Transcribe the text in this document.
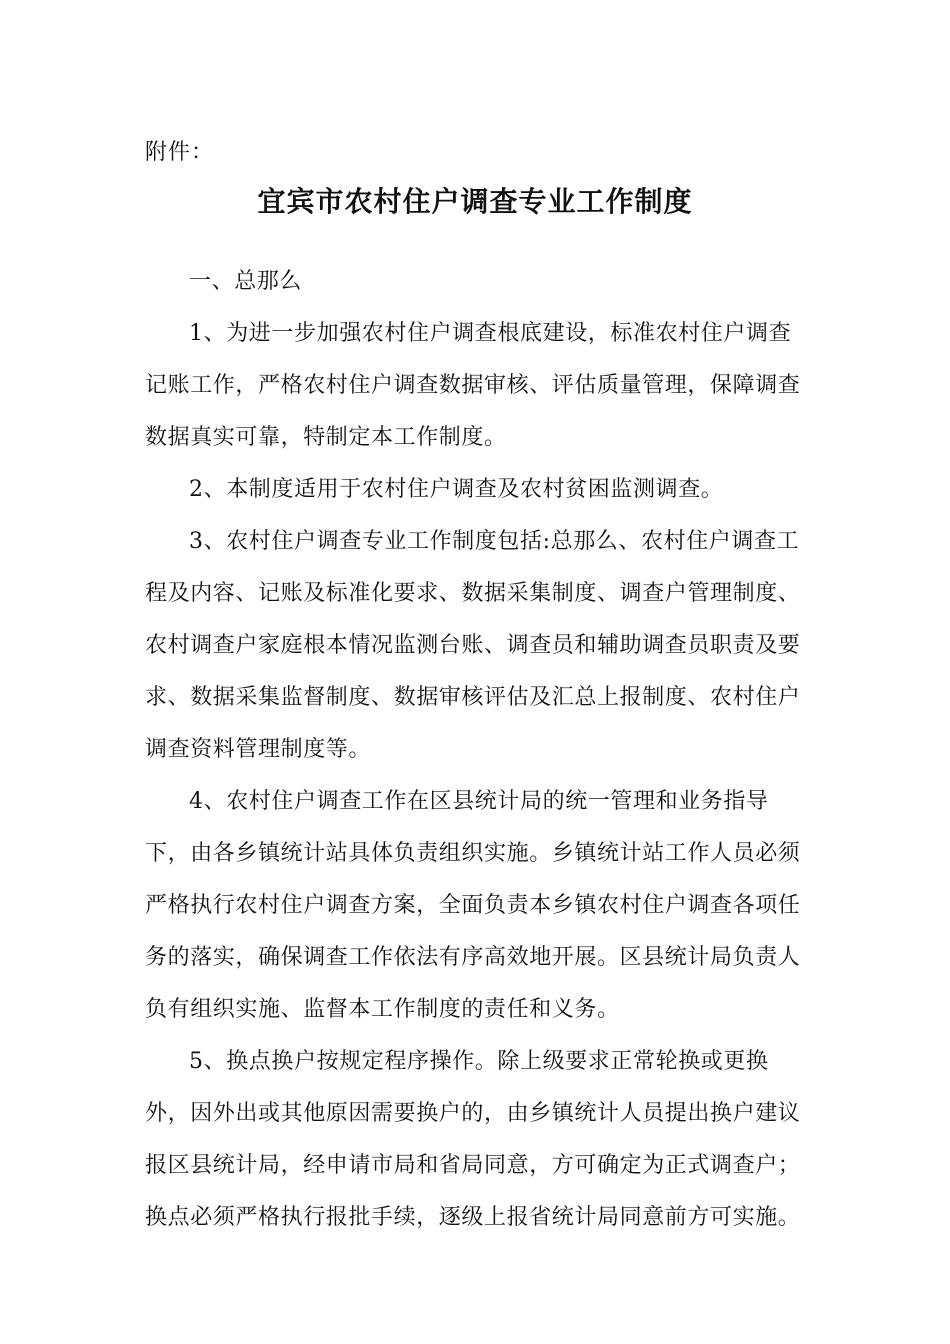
附件：
宜宾市农村住户调查专业工作制度

一、总那么

1、为进一步加强农村住户调查根底建设，标准农村住户调查记账工作，严格农村住户调查数据审核、评估质量管理，保障调查数据真实可靠，特制定本工作制度。

2、本制度适用于农村住户调查及农村贫困监测调查。

3、农村住户调查专业工作制度包括:总那么、农村住户调查工程及内容、记账及标准化要求、数据采集制度、调查户管理制度、农村调查户家庭根本情况监测台账、调查员和辅助调查员职责及要求、数据采集监督制度、数据审核评估及汇总上报制度、农村住户调查资料管理制度等。

4、农村住户调查工作在区县统计局的统一管理和业务指导下，由各乡镇统计站具体负责组织实施。乡镇统计站工作人员必须严格执行农村住户调查方案，全面负责本乡镇农村住户调查各项任务的落实，确保调查工作依法有序高效地开展。区县统计局负责人负有组织实施、监督本工作制度的责任和义务。

5、换点换户按规定程序操作。除上级要求正常轮换或更换外，因外出或其他原因需要换户的，由乡镇统计人员提出换户建议报区县统计局，经申请市局和省局同意，方可确定为正式调查户；换点必须严格执行报批手续，逐级上报省统计局同意前方可实施。
